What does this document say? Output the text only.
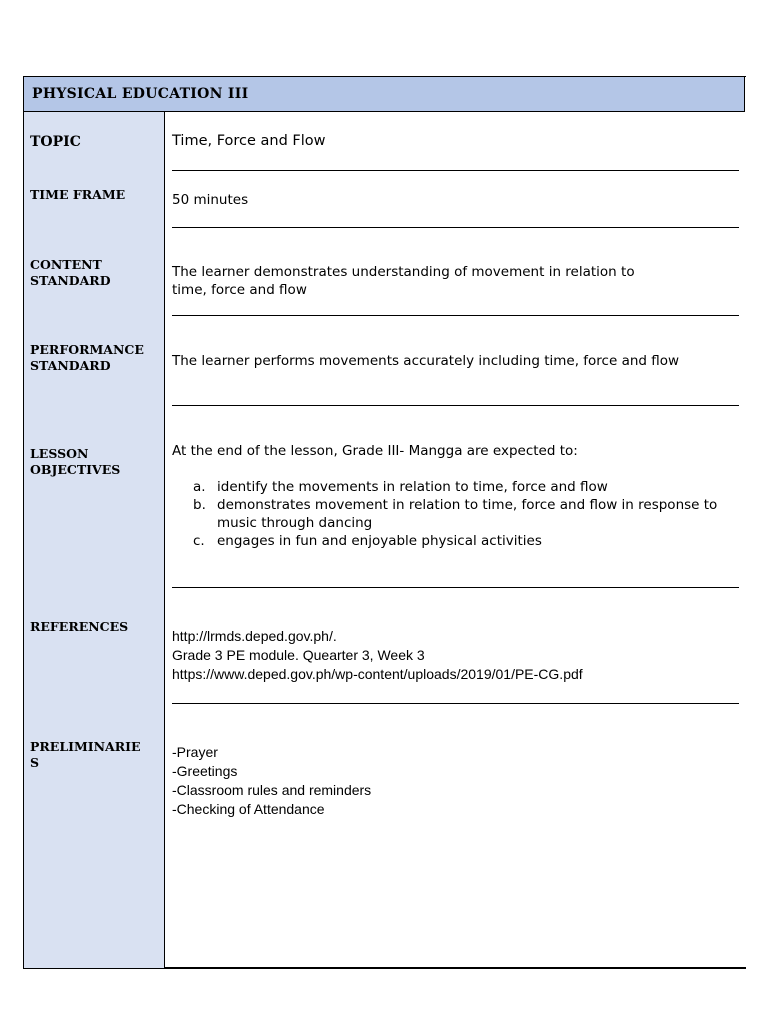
PHYSICAL EDUCATION III
TOPIC
TIME FRAME
CONTENT
STANDARD
PERFORMANCE
STANDARD
LESSON
OBJECTIVES
REFERENCES
PRELIMINARIE
S
Time, Force and Flow
50 minutes
The learner demonstrates understanding of movement in relation to
time, force and flow
The learner performs movements accurately including time, force and flow
At the end of the lesson, Grade III- Mangga are expected to:
a. identify the movements in relation to time, force and flow
b. demonstrates movement in relation to time, force and flow in response to music through dancing
c. engages in fun and enjoyable physical activities
http://lrmds.deped.gov.ph/.
Grade 3 PE module. Quearter 3, Week 3
https://www.deped.gov.ph/wp-content/uploads/2019/01/PE-CG.pdf
-Prayer
-Greetings
-Classroom rules and reminders
-Checking of Attendance
